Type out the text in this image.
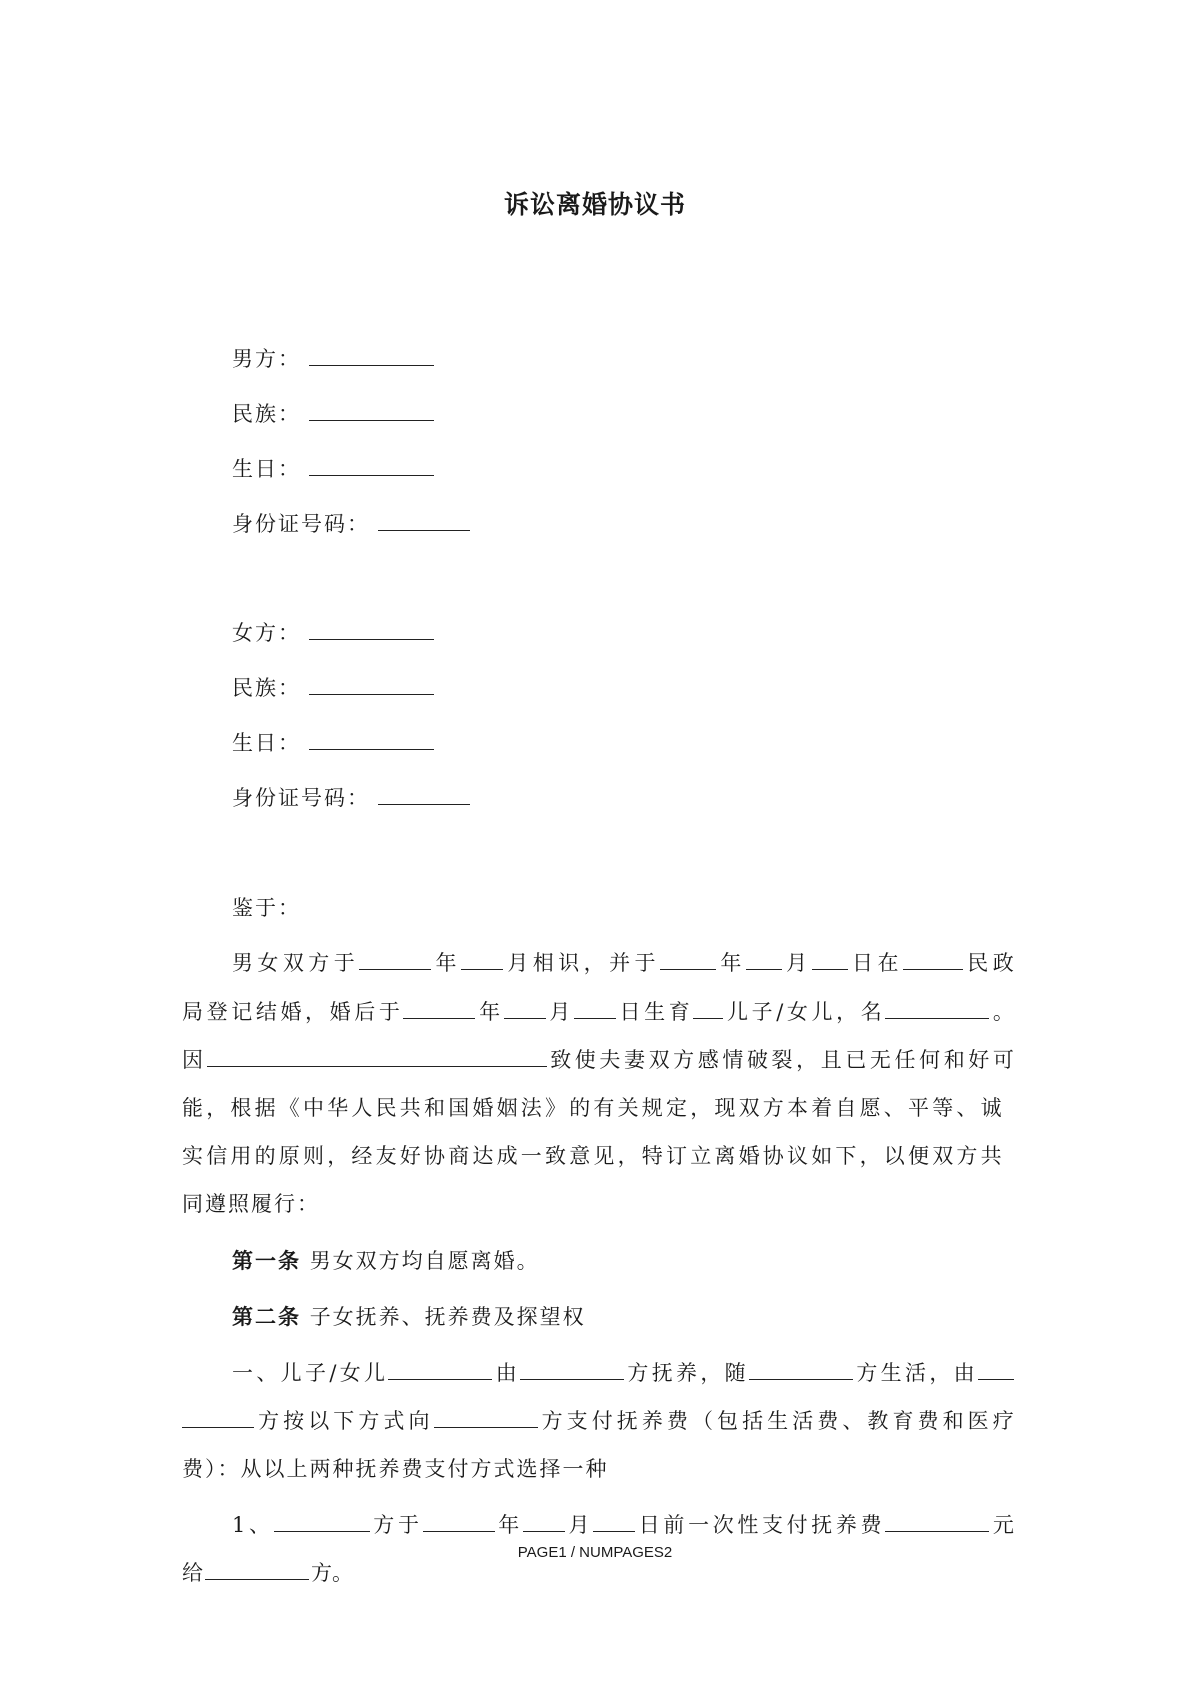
诉讼离婚协议书
男方：
民族：
生日：
身份证号码：
女方：
民族：
生日：
身份证号码：
鉴于：
男 女 双 方 于	年 月 相 识 ， 并 于	年 月 日 在	民 政
局 登 记 结 婚 ， 婚 后 于	年 月 日 生 育 儿 子 / 女 儿 ， 名	。
因	致 使 夫 妻 双 方 感 情 破 裂 ， 且 已 无 任 何 和 好 可
能，根据《中华人民共和国婚姻法》的有关规定，现双方本着自愿、平等、诚
实信用的原则，经友好协商达成一致意见，特订立离婚协议如下，以便双方共
同遵照履行：
第一条 男女双方均自愿离婚。
第二条 子女抚养、抚养费及探望权
一 、 儿 子 / 女 儿	由	方 抚 养 ， 随	方 生 活 ， 由
方 按 以 下 方 式 向	方 支 付 抚 养 费 （ 包 括 生 活 费 、 教 育 费 和 医 疗
费）：从以上两种抚养费支付方式选择一种
1 、	方 于	年 月 日 前 一 次 性 支 付 抚 养 费	元
给	方。
PAGE1 / NUMPAGES2
